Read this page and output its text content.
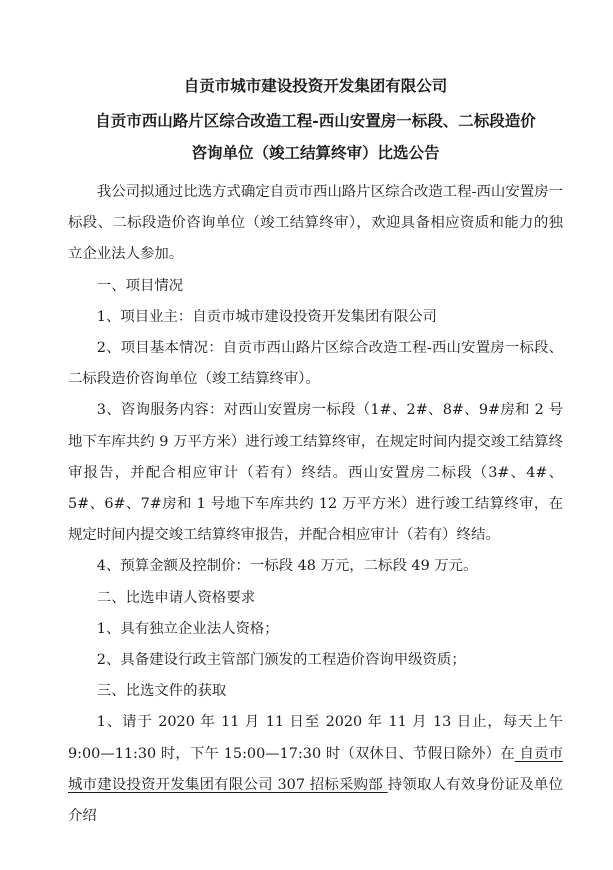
自贡市城市建设投资开发集团有限公司
自贡市西山路片区综合改造工程-西山安置房一标段、二标段造价
咨询单位（竣工结算终审）比选公告

我公司拟通过比选方式确定自贡市西山路片区综合改造工程-西山安置房一标段、二标段造价咨询单位（竣工结算终审），欢迎具备相应资质和能力的独立企业法人参加。

一、项目情况

1、项目业主：自贡市城市建设投资开发集团有限公司

2、项目基本情况：自贡市西山路片区综合改造工程-西山安置房一标段、二标段造价咨询单位（竣工结算终审）。

3、咨询服务内容：对西山安置房一标段（1#、2#、8#、9#房和 2 号地下车库共约 9 万平方米）进行竣工结算终审，在规定时间内提交竣工结算终审报告，并配合相应审计（若有）终结。西山安置房二标段（3#、4#、5#、6#、7#房和 1 号地下车库共约 12 万平方米）进行竣工结算终审，在规定时间内提交竣工结算终审报告，并配合相应审计（若有）终结。

4、预算金额及控制价：一标段 48 万元，二标段 49 万元。

二、比选申请人资格要求

1、具有独立企业法人资格；

2、具备建设行政主管部门颁发的工程造价咨询甲级资质；

三、比选文件的获取

1、请于 2020 年 11 月 11 日至 2020 年 11 月 13 日止，每天上午 9:00—11:30 时，下午 15:00—17:30 时（双休日、节假日除外）在 自贡市城市建设投资开发集团有限公司 307 招标采购部 持领取人有效身份证及单位介绍
